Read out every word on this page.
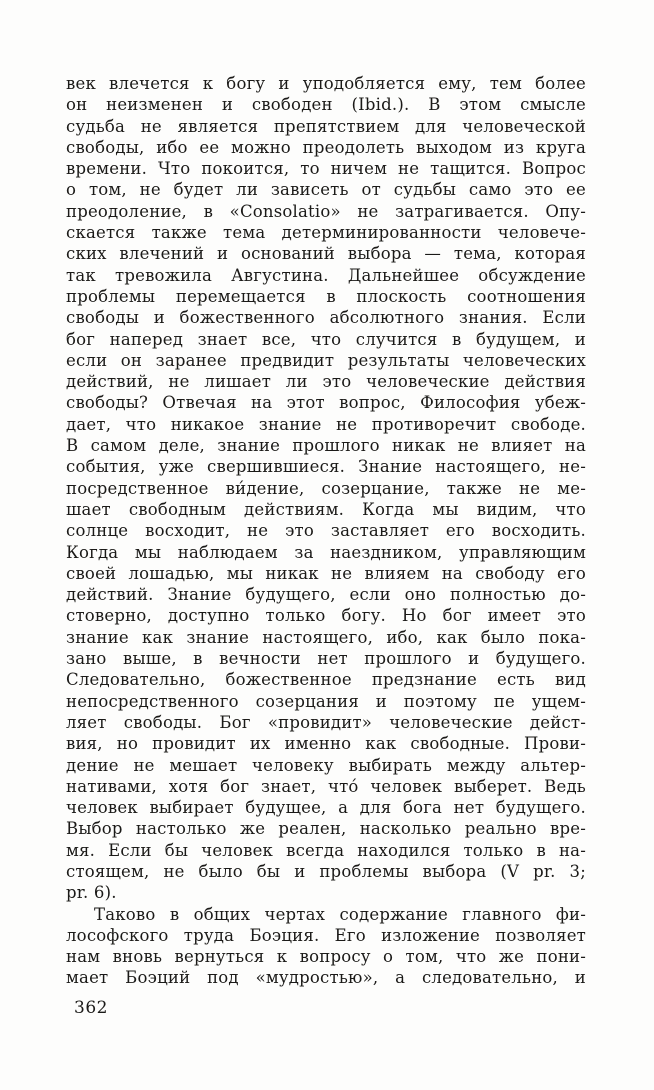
век влечется к богу и уподобляется ему, тем более
он неизменен и свободен (Ibid.). В этом смысле
судьба не является препятствием для человеческой
свободы, ибо ее можно преодолеть выходом из круга
времени. Что покоится, то ничем не тащится. Вопрос
о том, не будет ли зависеть от судьбы само это ее
преодоление, в «Consolatio» не затрагивается. Опу-
скается также тема детерминированности человече-
ских влечений и оснований выбора — тема, которая
так тревожила Августина. Дальнейшее обсуждение
проблемы перемещается в плоскость соотношения
свободы и божественного абсолютного знания. Если
бог наперед знает все, что случится в будущем, и
если он заранее предвидит результаты человеческих
действий, не лишает ли это человеческие действия
свободы? Отвечая на этот вопрос, Философия убеж-
дает, что никакое знание не противоречит свободе.
В самом деле, знание прошлого никак не влияет на
события, уже свершившиеся. Знание настоящего, не-
посредственное ви́дение, созерцание, также не ме-
шает свободным действиям. Когда мы видим, что
солнце восходит, не это заставляет его восходить.
Когда мы наблюдаем за наездником, управляющим
своей лошадью, мы никак не влияем на свободу его
действий. Знание будущего, если оно полностью до-
стоверно, доступно только богу. Но бог имеет это
знание как знание настоящего, ибо, как было пока-
зано выше, в вечности нет прошлого и будущего.
Следовательно, божественное предзнание есть вид
непосредственного созерцания и поэтому пе ущем-
ляет свободы. Бог «провидит» человеческие дейст-
вия, но провидит их именно как свободные. Прови-
дение не мешает человеку выбирать между альтер-
нативами, хотя бог знает, что́ человек выберет. Ведь
человек выбирает будущее, а для бога нет будущего.
Выбор настолько же реален, насколько реально вре-
мя. Если бы человек всегда находился только в на-
стоящем, не было бы и проблемы выбора (V pr. 3;
pr. 6).
Таково в общих чертах содержание главного фи-
лософского труда Боэция. Его изложение позволяет
нам вновь вернуться к вопросу о том, что же пони-
мает Боэций под «мудростью», а следовательно, и
362
